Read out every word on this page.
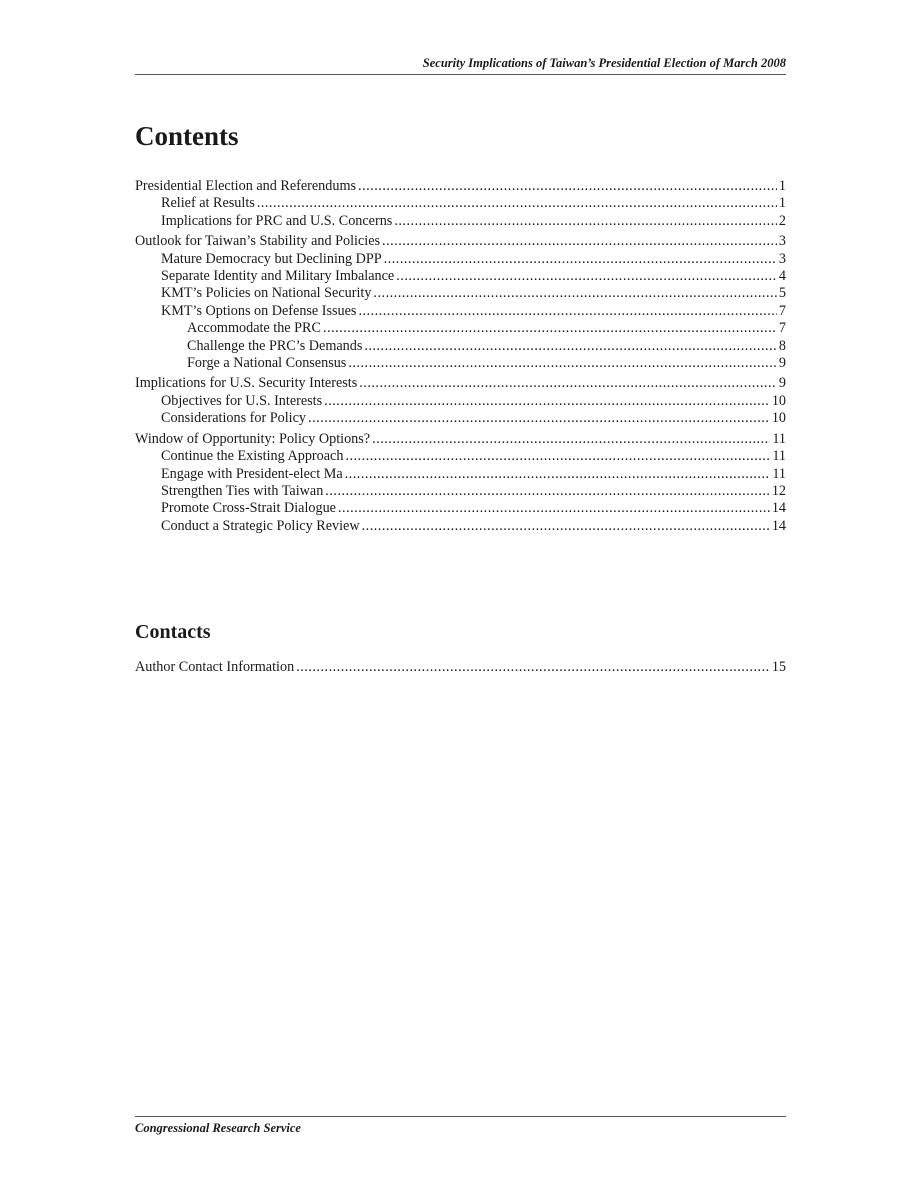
Security Implications of Taiwan’s Presidential Election of March 2008
Contents
Presidential Election and Referendums .....	1
Relief at Results .....	1
Implications for PRC and U.S. Concerns .....	2
Outlook for Taiwan’s Stability and Policies .....	3
Mature Democracy but Declining DPP .....	3
Separate Identity and Military Imbalance .....	4
KMT’s Policies on National Security .....	5
KMT’s Options on Defense Issues .....	7
Accommodate the PRC .....	7
Challenge the PRC’s Demands .....	8
Forge a National Consensus .....	9
Implications for U.S. Security Interests .....	9
Objectives for U.S. Interests .....	10
Considerations for Policy .....	10
Window of Opportunity: Policy Options? .....	11
Continue the Existing Approach .....	11
Engage with President-elect Ma .....	11
Strengthen Ties with Taiwan .....	12
Promote Cross-Strait Dialogue .....	14
Conduct a Strategic Policy Review .....	14
Contacts
Author Contact Information .....	15
Congressional Research Service
